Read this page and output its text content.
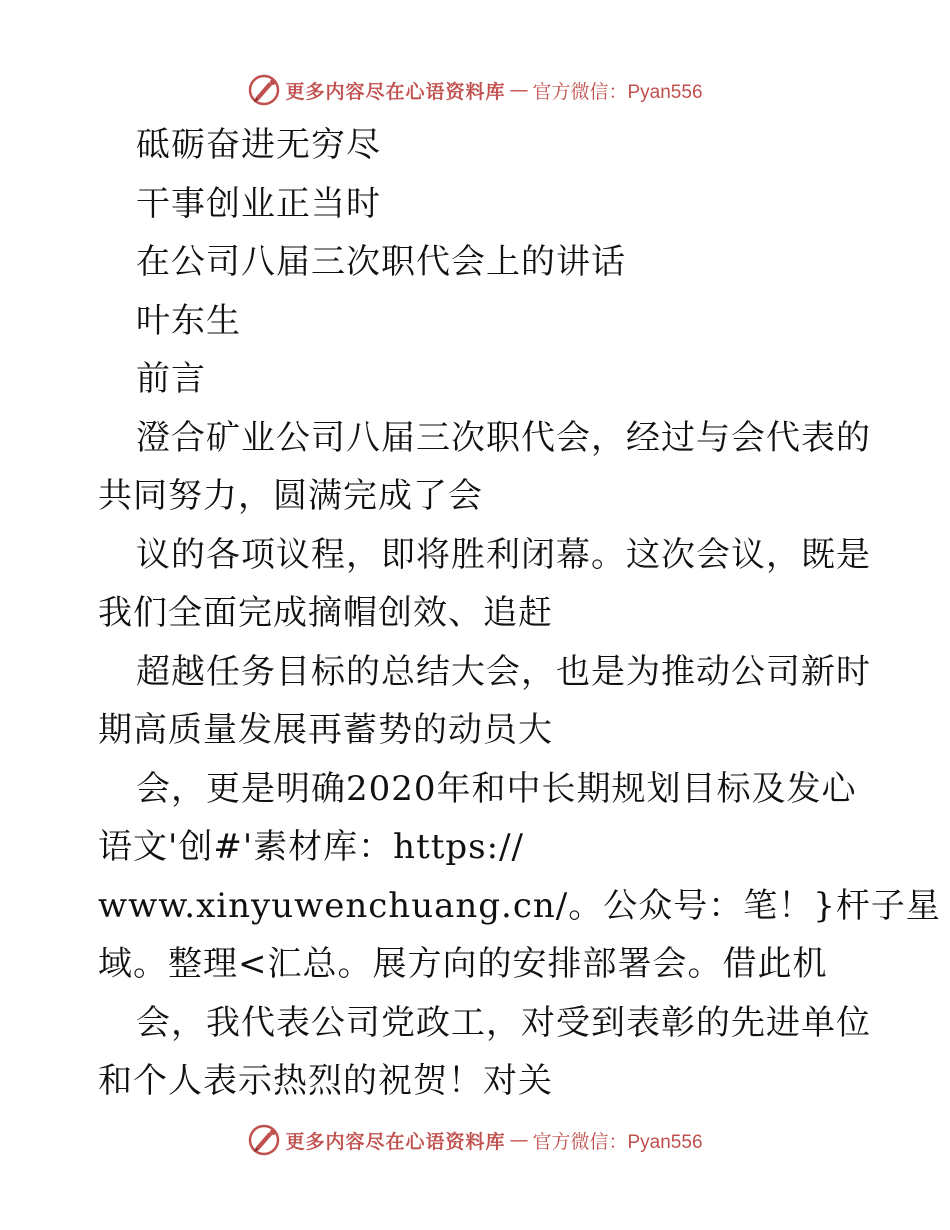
更多内容尽在心语资料库 — 官方微信：Pyan556
砥砺奋进无穷尽
干事创业正当时
在公司八届三次职代会上的讲话
叶东生
前言
澄合矿业公司八届三次职代会，经过与会代表的
共同努力，圆满完成了会
议的各项议程，即将胜利闭幕。这次会议，既是
我们全面完成摘帽创效、追赶
超越任务目标的总结大会，也是为推动公司新时
期高质量发展再蓄势的动员大
会，更是明确2020年和中长期规划目标及发心
语文'创#'素材库：https://
www.xinyuwenchuang.cn/。公众号：笔！}杆子星
域。整理<汇总。展方向的安排部署会。借此机
会，我代表公司党政工，对受到表彰的先进单位
和个人表示热烈的祝贺！对关
更多内容尽在心语资料库 — 官方微信：Pyan556
